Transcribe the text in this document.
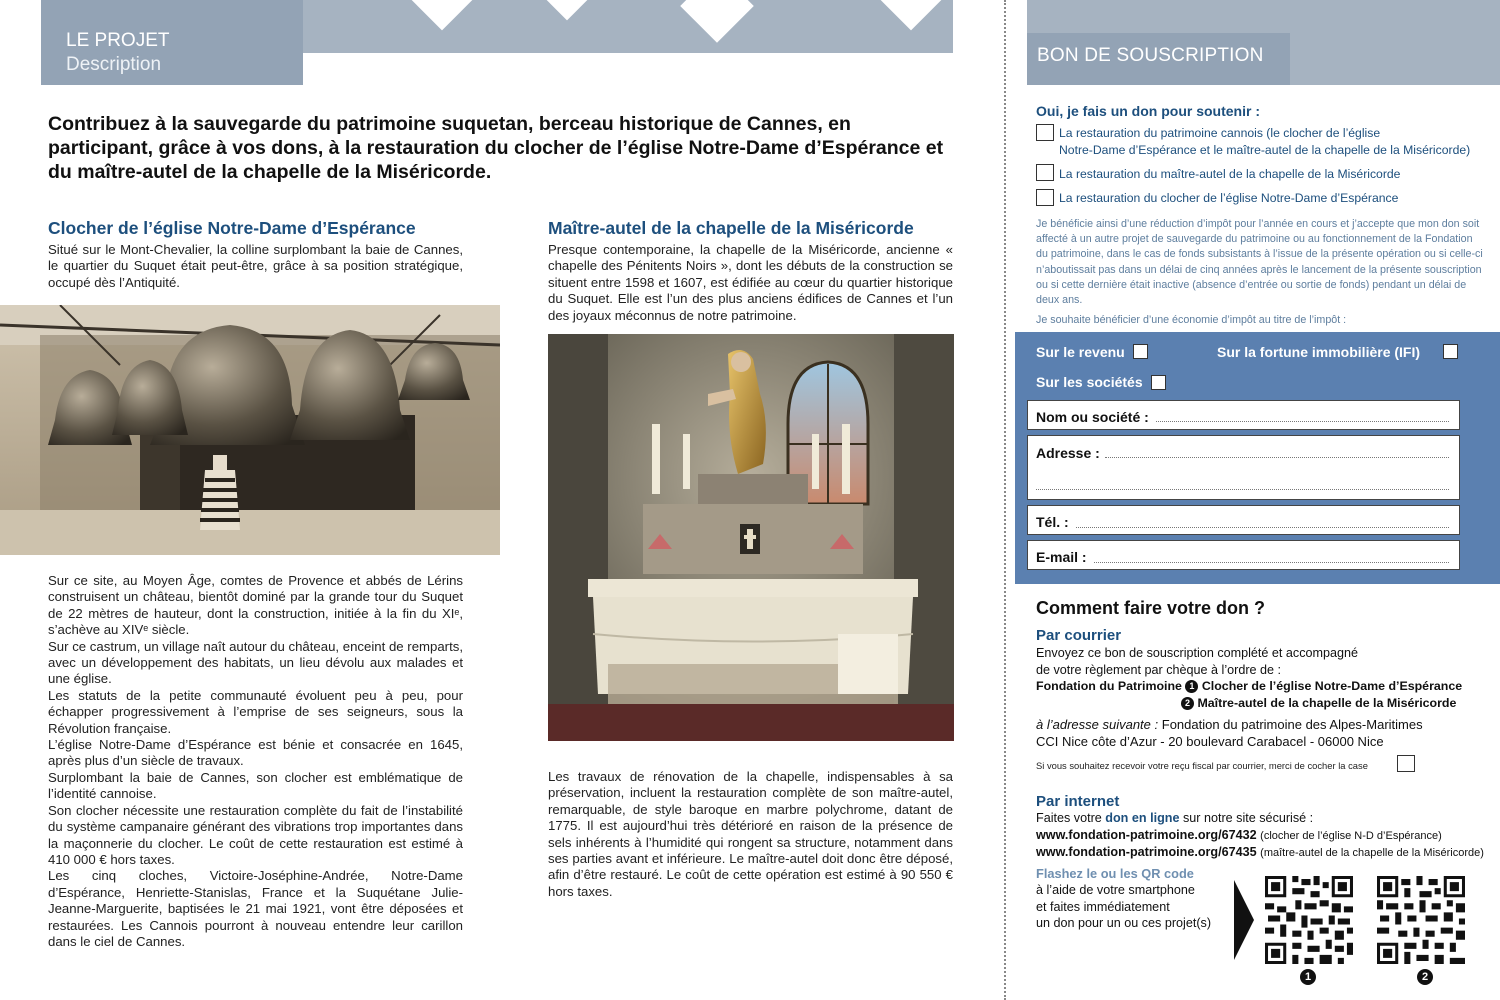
LE PROJET
Description
Contribuez à la sauvegarde du patrimoine suquetan, berceau historique de Cannes, en participant, grâce à vos dons, à la restauration du clocher de l’église Notre-Dame d’Espérance et du maître-autel de la chapelle de la Miséricorde.
Clocher de l’église Notre-Dame d’Espérance
Situé sur le Mont-Chevalier, la colline surplombant la baie de Cannes, le quartier du Suquet était peut-être, grâce à sa position stratégique, occupé dès l’Antiquité.

Sur ce site, au Moyen Âge, comtes de Provence et abbés de Lérins construisent un château, bientôt dominé par la grande tour du Suquet de 22 mètres de hauteur, dont la construction, initiée à la fin du XIᵉ, s’achève au XIVᵉ siècle.

Sur ce castrum, un village naît autour du château, enceint de remparts, avec un développement des habitats, un lieu dévolu aux malades et une église.

Les statuts de la petite communauté évoluent peu à peu, pour échapper progressivement à l’emprise de ses seigneurs, sous la Révolution française.

L’église Notre-Dame d’Espérance est bénie et consacrée en 1645, après plus d’un siècle de travaux.

Surplombant la baie de Cannes, son clocher est emblématique de l’identité cannoise.

Son clocher nécessite une restauration complète du fait de l’instabilité du système campanaire générant des vibrations trop importantes dans la maçonnerie du clocher. Le coût de cette restauration est estimé à 410 000 € hors taxes.

Les cinq cloches, Victoire-Joséphine-Andrée, Notre-Dame d’Espérance, Henriette-Stanislas, France et la Suquétane Julie-Jeanne-Marguerite, baptisées le 21 mai 1921, vont être déposées et restaurées. Les Cannois pourront à nouveau entendre leur carillon dans le ciel de Cannes.

Maître-autel de la chapelle de la Miséricorde
Presque contemporaine, la chapelle de la Miséricorde, ancienne « chapelle des Pénitents Noirs », dont les débuts de la construction se situent entre 1598 et 1607, est édifiée au cœur du quartier historique du Suquet. Elle est l’un des plus anciens édifices de Cannes et l’un des joyaux méconnus de notre patrimoine.
Les travaux de rénovation de la chapelle, indispensables à sa préservation, incluent la restauration complète de son maître-autel, remarquable, de style baroque en marbre polychrome, datant de 1775. Il est aujourd’hui très détérioré en raison de la présence de sels inhérents à l’humidité qui rongent sa structure, notamment dans ses parties avant et inférieure. Le maître-autel doit donc être déposé, afin d’être restauré. Le coût de cette opération est estimé à 90 550 € hors taxes.
BON DE SOUSCRIPTION
Oui, je fais un don pour soutenir :
La restauration du patrimoine cannois (le clocher de l’église
Notre-Dame d’Espérance et le maître-autel de la chapelle de la Miséricorde)
La restauration du maître-autel de la chapelle de la Miséricorde
La restauration du clocher de l’église Notre-Dame d’Espérance
Je bénéficie ainsi d’une réduction d’impôt pour l’année en cours et j’accepte que mon don soit affecté à un autre projet de sauvegarde du patrimoine ou au fonctionnement de la Fondation du patrimoine, dans le cas de fonds subsistants à l’issue de la présente opération ou si celle-ci n’aboutissait pas dans un délai de cinq années après le lancement de la présente souscription ou si cette dernière était inactive (absence d’entrée ou sortie de fonds) pendant un délai de deux ans.
Je souhaite bénéficier d’une économie d’impôt au titre de l’impôt :
Sur le revenu	Sur la fortune immobilière (IFI)
Sur les sociétés
Nom ou société :
Adresse :
Tél. :
E-mail :
Comment faire votre don ?
Par courrier
Envoyez ce bon de souscription complété et accompagné
de votre règlement par chèque à l’ordre de :
Fondation du Patrimoine 1 Clocher de l’église Notre-Dame d’Espérance
2 Maître-autel de la chapelle de la Miséricorde
à l’adresse suivante : Fondation du patrimoine des Alpes-Maritimes
CCI Nice côte d’Azur - 20 boulevard Carabacel - 06000 Nice
Si vous souhaitez recevoir votre reçu fiscal par courrier, merci de cocher la case
Par internet
Faites votre don en ligne sur notre site sécurisé :
www.fondation-patrimoine.org/67432 (clocher de l’église N-D d’Espérance)
www.fondation-patrimoine.org/67435 (maître-autel de la chapelle de la Miséricorde)
Flashez le ou les QR code
à l’aide de votre smartphone
et faites immédiatement
un don pour un ou ces projet(s)
1	2
